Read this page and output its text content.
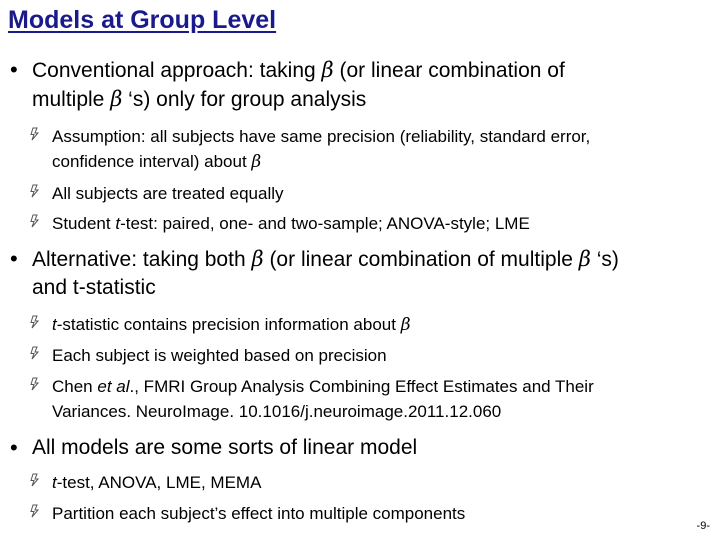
Models at Group Level
• Conventional approach: taking β (or linear combination of
multiple β ‘s) only for group analysis
Assumption: all subjects have same precision (reliability, standard error,
confidence interval) about β
All subjects are treated equally
Student t-test: paired, one- and two-sample; ANOVA-style; LME
• Alternative: taking both β (or linear combination of multiple β ‘s)
and t-statistic
t-statistic contains precision information about β
Each subject is weighted based on precision
Chen et al., FMRI Group Analysis Combining Effect Estimates and Their
Variances. NeuroImage. 10.1016/j.neuroimage.2011.12.060
• All models are some sorts of linear model
t-test, ANOVA, LME, MEMA
Partition each subject’s effect into multiple components
-9-
